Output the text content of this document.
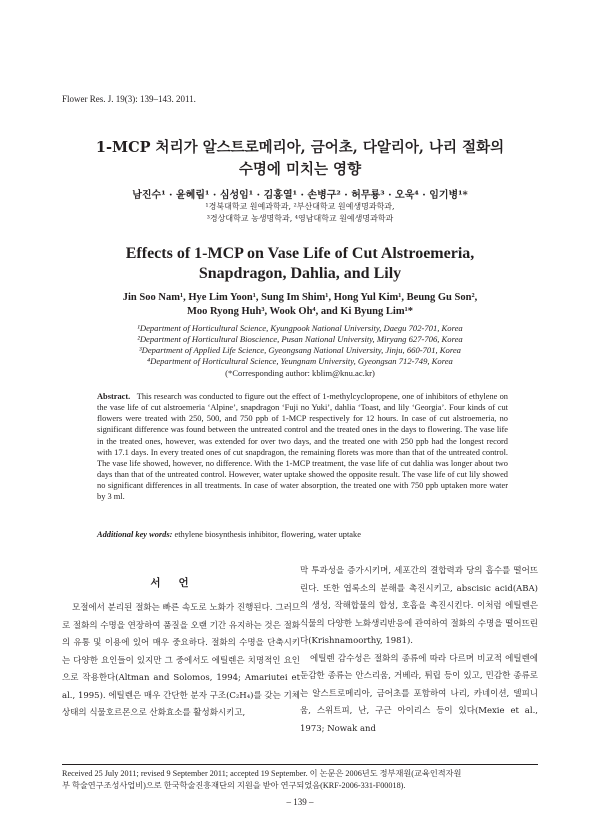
Flower Res. J. 19(3): 139–143. 2011.
1-MCP 처리가 알스트로메리아, 금어초, 다알리아, 나리 절화의
수명에 미치는 영향
남진수¹ · 윤혜림¹ · 심성임¹ · 김홍열¹ · 손병구² · 허무룡³ · 오욱⁴ · 임기병¹*
¹경북대학교 원예과학과, ²부산대학교 원예생명과학과,
³경상대학교 농생명학과, ⁴영남대학교 원예생명과학과
Effects of 1-MCP on Vase Life of Cut Alstroemeria,
Snapdragon, Dahlia, and Lily
Jin Soo Nam¹, Hye Lim Yoon¹, Sung Im Shim¹, Hong Yul Kim¹, Beung Gu Son²,
Moo Ryong Huh³, Wook Oh⁴, and Ki Byung Lim¹*
¹Department of Horticultural Science, Kyungpook National University, Daegu 702-701, Korea
²Department of Horticultural Bioscience, Pusan National University, Miryang 627-706, Korea
³Department of Applied Life Science, Gyeongsang National University, Jinju, 660-701, Korea
⁴Department of Horticultural Science, Yeungnam University, Gyeongsan 712-749, Korea
(*Corresponding author: kblim@knu.ac.kr)
Abstract. This research was conducted to figure out the effect of 1-methylcyclopropene, one of inhibitors of ethylene on the vase life of cut alstroemeria ‘Alpine’, snapdragon ‘Fuji no Yuki’, dahlia ‘Toast, and lily ‘Georgia’. Four kinds of cut flowers were treated with 250, 500, and 750 ppb of 1-MCP respectively for 12 hours. In case of cut alstroemeria, no significant difference was found between the untreated control and the treated ones in the days to flowering. The vase life in the treated ones, however, was extended for over two days, and the treated one with 250 ppb had the longest record with 17.1 days. In every treated ones of cut snapdragon, the remaining florets was more than that of the untreated control. The vase life showed, however, no difference. With the 1-MCP treatment, the vase life of cut dahlia was longer about two days than that of the untreated control. However, water uptake showed the opposite result. The vase life of cut lily showed no significant differences in all treatments. In case of water absorption, the treated one with 750 ppb uptaken more water by 3 ml.
Additional key words: ethylene biosynthesis inhibitor, flowering, water uptake
서언

모절에서 분리된 절화는 빠른 속도로 노화가 진행된다. 그러므로 절화의 수명을 연장하여 품질을 오랜 기간 유지하는 것은 절화의 유통 및 이용에 있어 매우 중요하다. 절화의 수명을 단축시키는 다양한 요인들이 있지만 그 중에서도 에틸렌은 치명적인 요인으로 작용한다(Altman and Solomos, 1994; Amariutei et al., 1995). 에틸렌은 매우 간단한 분자 구조(C₂H₄)를 갖는 기체 상태의 식물호르몬으로 산화효소를 활성화시키고,

막 투과성을 증가시키며, 세포간의 결합력과 당의 흡수를 떨어뜨린다. 또한 엽록소의 분해를 촉진시키고, abscisic acid(ABA)의 생성, 작해합물의 합성, 호흡을 촉진시킨다. 이처럼 에틸렌은 식물의 다양한 노화생리반응에 관여하여 절화의 수명을 떨어뜨린다(Krishnamoorthy, 1981).

에틸렌 감수성은 절화의 종류에 따라 다르며 비교적 에틸렌에 둔감한 종류는 안스리움, 거베라, 튀립 등이 있고, 민감한 종류로는 알스트로메리아, 금어초를 포함하여 나리, 카네이션, 델피니움, 스위트피, 난, 구근 아이리스 등이 있다(Mexie et al., 1973; Nowak and

Received 25 July 2011; revised 9 September 2011; accepted 19 September. 이 논문은 2006년도 정부재원(교육인적자원
부 학술연구조성사업비)으로 한국학술진흥재단의 지원을 받아 연구되었음(KRF-2006-331-F00018).
– 139 –
